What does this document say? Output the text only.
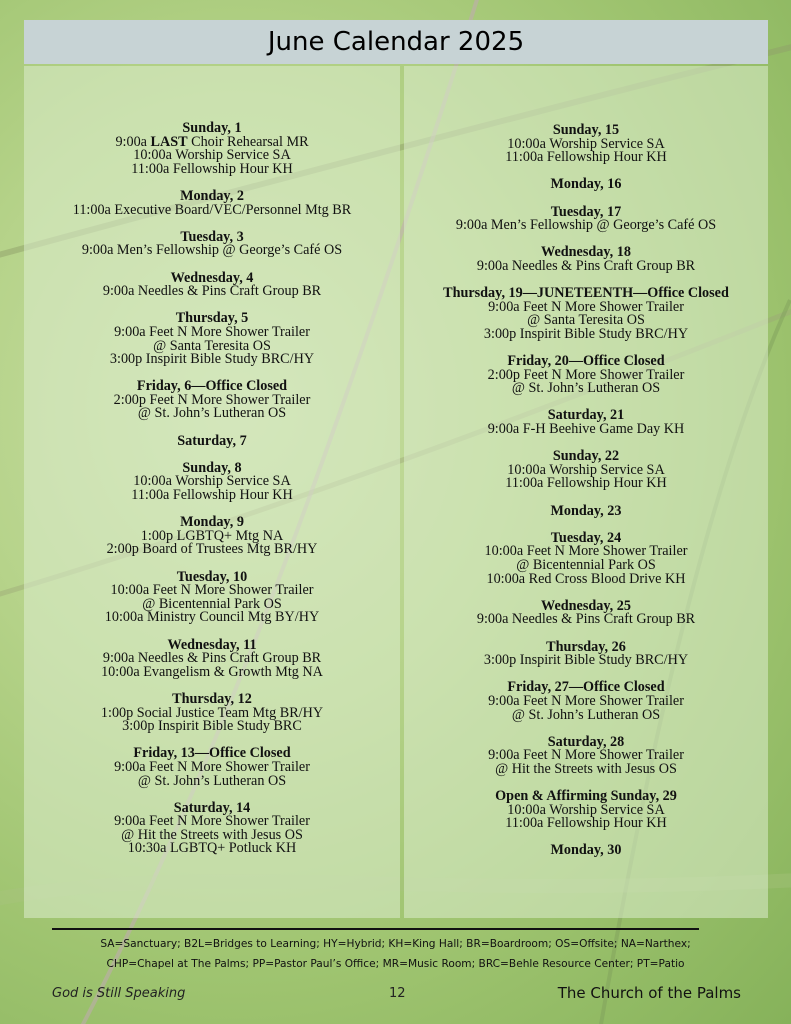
June Calendar 2025
Sunday, 1
9:00a LAST Choir Rehearsal MR
10:00a Worship Service SA
11:00a Fellowship Hour KH
Monday, 2
11:00a Executive Board/VEC/Personnel Mtg BR
Tuesday, 3
9:00a Men’s Fellowship @ George’s Café OS
Wednesday, 4
9:00a Needles & Pins Craft Group BR
Thursday, 5
9:00a Feet N More Shower Trailer
@ Santa Teresita OS
3:00p Inspirit Bible Study BRC/HY
Friday, 6—Office Closed
2:00p Feet N More Shower Trailer
@ St. John’s Lutheran OS
Saturday, 7
Sunday, 8
10:00a Worship Service SA
11:00a Fellowship Hour KH
Monday, 9
1:00p LGBTQ+ Mtg NA
2:00p Board of Trustees Mtg BR/HY
Tuesday, 10
10:00a Feet N More Shower Trailer
@ Bicentennial Park OS
10:00a Ministry Council Mtg BY/HY
Wednesday, 11
9:00a Needles & Pins Craft Group BR
10:00a Evangelism & Growth Mtg NA
Thursday, 12
1:00p Social Justice Team Mtg BR/HY
3:00p Inspirit Bible Study BRC
Friday, 13—Office Closed
9:00a Feet N More Shower Trailer
@ St. John’s Lutheran OS
Saturday, 14
9:00a Feet N More Shower Trailer
@ Hit the Streets with Jesus OS
10:30a LGBTQ+ Potluck KH
Sunday, 15
10:00a Worship Service SA
11:00a Fellowship Hour KH
Monday, 16
Tuesday, 17
9:00a Men’s Fellowship @ George’s Café OS
Wednesday, 18
9:00a Needles & Pins Craft Group BR
Thursday, 19—JUNETEENTH—Office Closed
9:00a Feet N More Shower Trailer
@ Santa Teresita OS
3:00p Inspirit Bible Study BRC/HY
Friday, 20—Office Closed
2:00p Feet N More Shower Trailer
@ St. John’s Lutheran OS
Saturday, 21
9:00a F-H Beehive Game Day KH
Sunday, 22
10:00a Worship Service SA
11:00a Fellowship Hour KH
Monday, 23
Tuesday, 24
10:00a Feet N More Shower Trailer
@ Bicentennial Park OS
10:00a Red Cross Blood Drive KH
Wednesday, 25
9:00a Needles & Pins Craft Group BR
Thursday, 26
3:00p Inspirit Bible Study BRC/HY
Friday, 27—Office Closed
9:00a Feet N More Shower Trailer
@ St. John’s Lutheran OS
Saturday, 28
9:00a Feet N More Shower Trailer
@ Hit the Streets with Jesus OS
Open & Affirming Sunday, 29
10:00a Worship Service SA
11:00a Fellowship Hour KH
Monday, 30
SA=Sanctuary; B2L=Bridges to Learning; HY=Hybrid; KH=King Hall; BR=Boardroom; OS=Offsite; NA=Narthex;
CHP=Chapel at The Palms; PP=Pastor Paul’s Office; MR=Music Room; BRC=Behle Resource Center; PT=Patio
God is Still Speaking	12	The Church of the Palms
